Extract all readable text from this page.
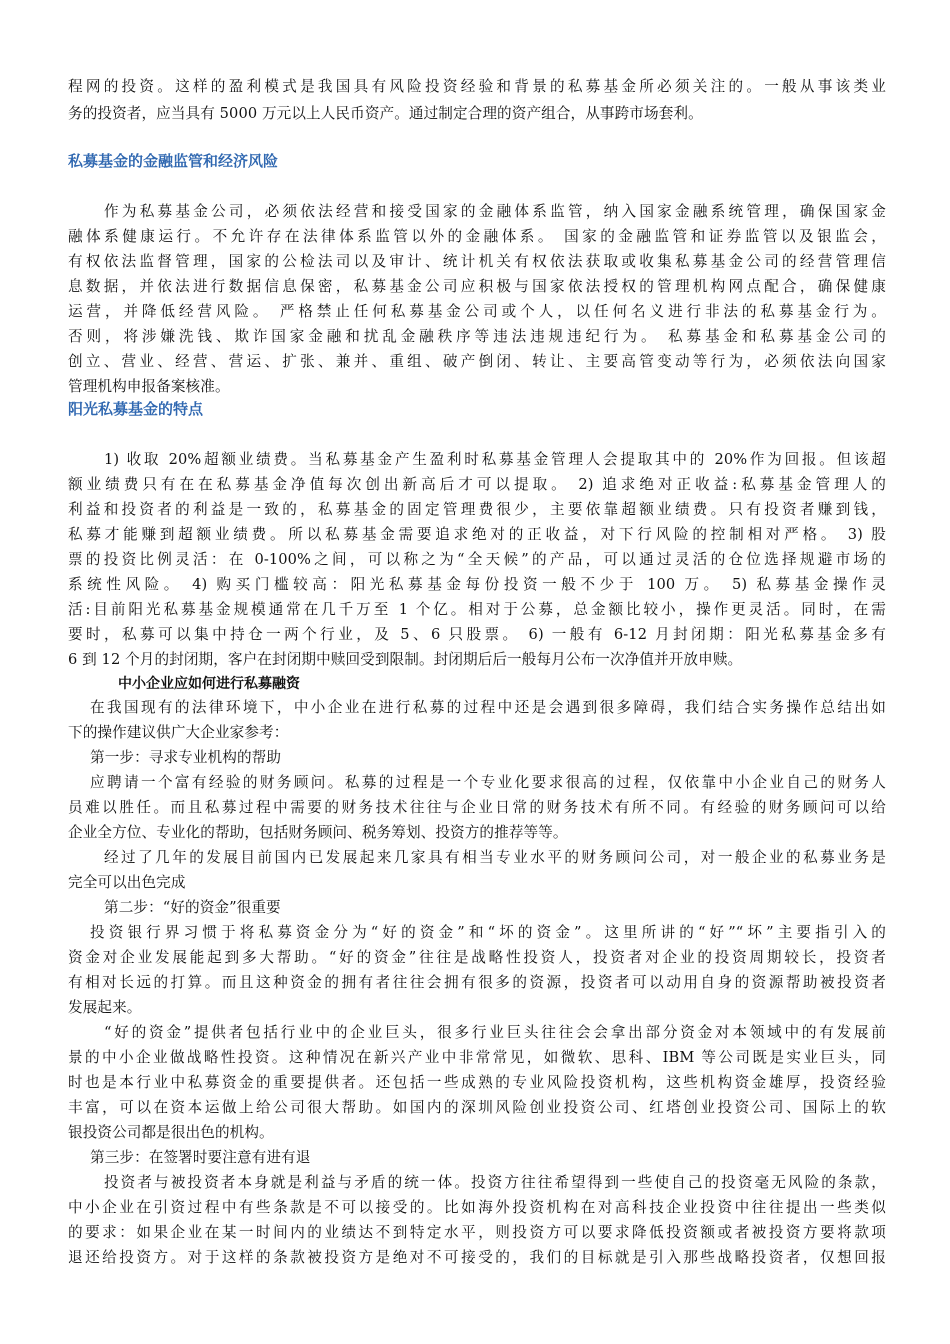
程网的投资。这样的盈利模式是我国具有风险投资经验和背景的私募基金所必须关注的。一般从事该类业
务的投资者，应当具有 5000 万元以上人民币资产。通过制定合理的资产组合，从事跨市场套利。
私募基金的金融监管和经济风险
作为私募基金公司，必须依法经营和接受国家的金融体系监管，纳入国家金融系统管理，确保国家金
融体系健康运行。不允许存在法律体系监管以外的金融体系。 国家的金融监管和证券监管以及银监会，
有权依法监督管理，国家的公检法司以及审计、统计机关有权依法获取或收集私募基金公司的经营管理信
息数据，并依法进行数据信息保密，私募基金公司应积极与国家依法授权的管理机构网点配合，确保健康
运营，并降低经营风险。 严格禁止任何私募基金公司或个人，以任何名义进行非法的私募基金行为。
否则，将涉嫌洗钱、欺诈国家金融和扰乱金融秩序等违法违规违纪行为。 私募基金和私募基金公司的
创立、营业、经营、营运、扩张、兼并、重组、破产倒闭、转让、主要高管变动等行为，必须依法向国家
管理机构申报备案核准。
阳光私募基金的特点
1) 收取 20%超额业绩费。当私募基金产生盈利时私募基金管理人会提取其中的 20%作为回报。但该超
额业绩费只有在在私募基金净值每次创出新高后才可以提取。 2) 追求绝对正收益:私募基金管理人的
利益和投资者的利益是一致的，私募基金的固定管理费很少，主要依靠超额业绩费。只有投资者赚到钱，
私募才能赚到超额业绩费。所以私募基金需要追求绝对的正收益，对下行风险的控制相对严格。 3) 股
票的投资比例灵活：在 0-100%之间，可以称之为“全天候”的产品，可以通过灵活的仓位选择规避市场的
系统性风险。 4) 购买门槛较高：阳光私募基金每份投资一般不少于 100 万。 5) 私募基金操作灵
活:目前阳光私募基金规模通常在几千万至 1 个亿。相对于公募，总金额比较小，操作更灵活。同时，在需
要时，私募可以集中持仓一两个行业，及 5、6 只股票。 6) 一般有 6-12 月封闭期：阳光私募基金多有
6 到 12 个月的封闭期，客户在封闭期中赎回受到限制。封闭期后后一般每月公布一次净值并开放申赎。
中小企业应如何进行私募融资
在我国现有的法律环境下，中小企业在进行私募的过程中还是会遇到很多障碍，我们结合实务操作总结出如
下的操作建议供广大企业家参考：
第一步：寻求专业机构的帮助
应聘请一个富有经验的财务顾问。私募的过程是一个专业化要求很高的过程，仅依靠中小企业自己的财务人
员难以胜任。而且私募过程中需要的财务技术往往与企业日常的财务技术有所不同。有经验的财务顾问可以给
企业全方位、专业化的帮助，包括财务顾问、税务筹划、投资方的推荐等等。
经过了几年的发展目前国内已发展起来几家具有相当专业水平的财务顾问公司，对一般企业的私募业务是
完全可以出色完成
第二步：“好的资金”很重要
投资银行界习惯于将私募资金分为“好的资金”和“坏的资金”。这里所讲的“好”“坏”主要指引入的
资金对企业发展能起到多大帮助。“好的资金”往往是战略性投资人，投资者对企业的投资周期较长，投资者
有相对长远的打算。而且这种资金的拥有者往往会拥有很多的资源，投资者可以动用自身的资源帮助被投资者
发展起来。
“好的资金”提供者包括行业中的企业巨头，很多行业巨头往往会会拿出部分资金对本领域中的有发展前
景的中小企业做战略性投资。这种情况在新兴产业中非常常见，如微软、思科、IBM 等公司既是实业巨头，同
时也是本行业中私募资金的重要提供者。还包括一些成熟的专业风险投资机构，这些机构资金雄厚，投资经验
丰富，可以在资本运做上给公司很大帮助。如国内的深圳风险创业投资公司、红塔创业投资公司、国际上的软
银投资公司都是很出色的机构。
第三步：在签署时要注意有进有退
投资者与被投资者本身就是利益与矛盾的统一体。投资方往往希望得到一些使自己的投资毫无风险的条款，
中小企业在引资过程中有些条款是不可以接受的。比如海外投资机构在对高科技企业投资中往往提出一些类似
的要求：如果企业在某一时间内的业绩达不到特定水平，则投资方可以要求降低投资额或者被投资方要将款项
退还给投资方。对于这样的条款被投资方是绝对不可接受的，我们的目标就是引入那些战略投资者，仅想回报
